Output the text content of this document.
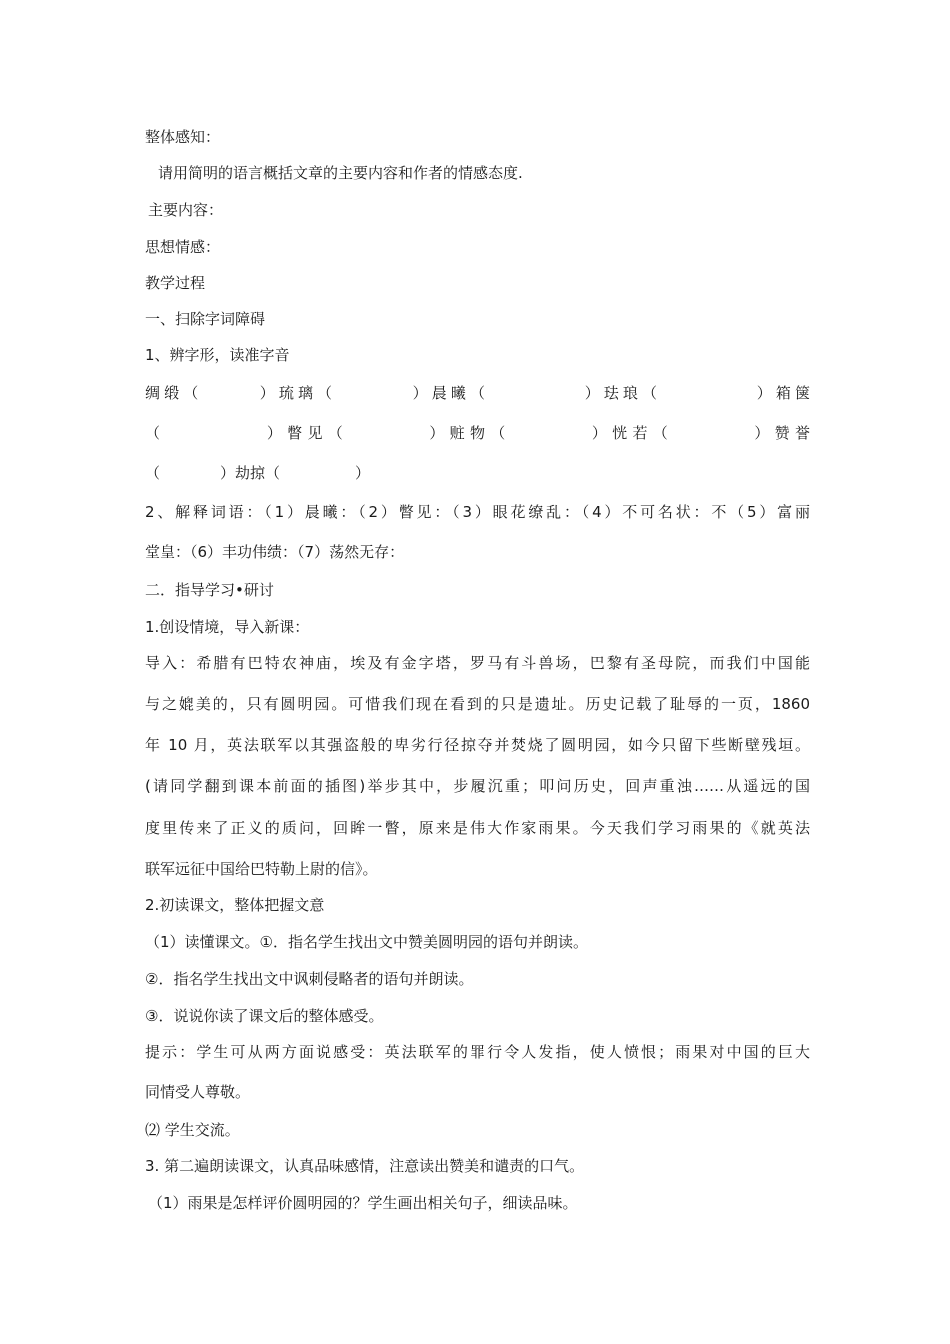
整体感知：
请用简明的语言概括文章的主要内容和作者的情感态度.
主要内容：
思想情感：
教学过程
一、扫除字词障碍
1、辨字形，读准字音
绸缎（　　　）琉璃（　　　　）晨曦（　　　　　）珐琅（　　　　　）箱箧
（　　　　　）瞥见（　　　　）赃物（　　　　）恍若（　　　　）赞誉
（　　　　）劫掠（　　　　　）
2、解释词语：（1）晨曦：（2）瞥见：（3）眼花缭乱：（4）不可名状：不（5）富丽
堂皇：（6）丰功伟绩：（7）荡然无存：
二．指导学习•研讨
1.创设情境，导入新课：
导入：希腊有巴特农神庙，埃及有金字塔，罗马有斗兽场，巴黎有圣母院，而我们中国能
与之媲美的，只有圆明园。可惜我们现在看到的只是遗址。历史记载了耻辱的一页，1860
年 10 月，英法联军以其强盗般的卑劣行径掠夺并焚烧了圆明园，如今只留下些断壁残垣。
(请同学翻到课本前面的插图)举步其中，步履沉重；叩问历史，回声重浊……从遥远的国
度里传来了正义的质问，回眸一瞥，原来是伟大作家雨果。今天我们学习雨果的《就英法
联军远征中国给巴特勒上尉的信》。
2.初读课文，整体把握文意
（1）读懂课文。①．指名学生找出文中赞美圆明园的语句并朗读。
②．指名学生找出文中讽刺侵略者的语句并朗读。
③．说说你读了课文后的整体感受。
提示：学生可从两方面说感受：英法联军的罪行令人发指，使人愤恨；雨果对中国的巨大
同情受人尊敬。
⑵ 学生交流。
3. 第二遍朗读课文，认真品味感情，注意读出赞美和谴责的口气。
（1）雨果是怎样评价圆明园的？学生画出相关句子，细读品味。
